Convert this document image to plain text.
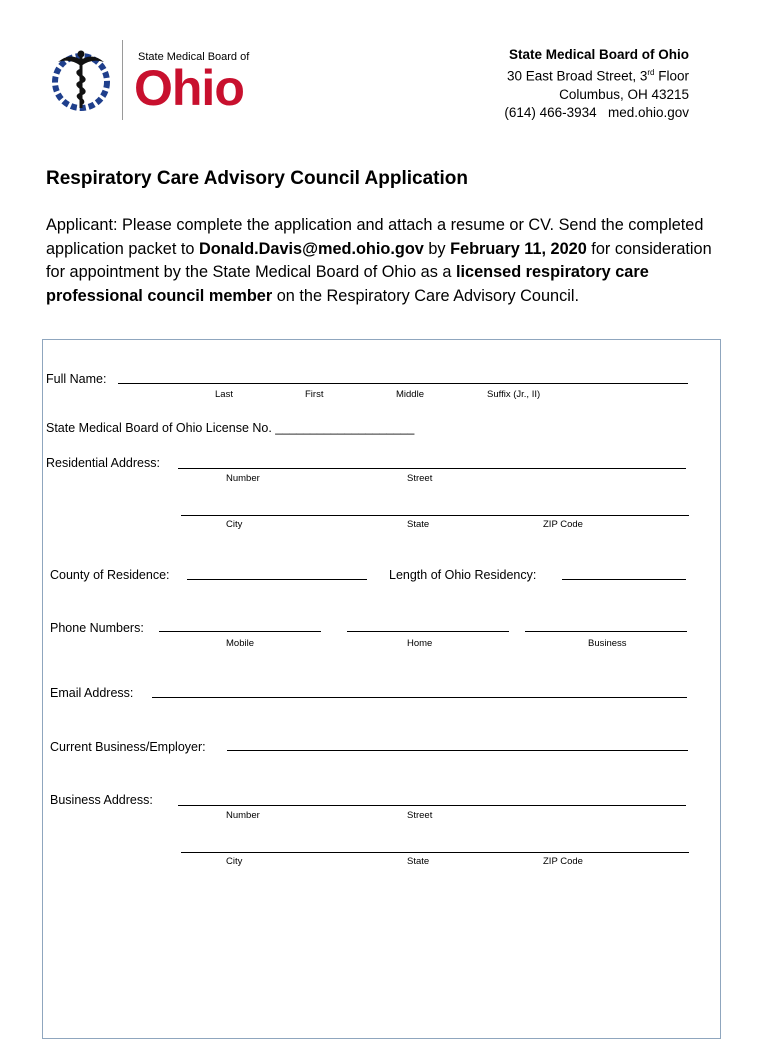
State Medical Board of
Ohio
State Medical Board of Ohio
30 East Broad Street, 3rd Floor
Columbus, OH 43215
(614) 466-3934   med.ohio.gov
Respiratory Care Advisory Council Application
Applicant: Please complete the application and attach a resume or CV. Send the completed application packet to Donald.Davis@med.ohio.gov by February 11, 2020 for consideration for appointment by the State Medical Board of Ohio as a licensed respiratory care professional council member on the Respiratory Care Advisory Council.
Full Name:
Last	First	Middle	Suffix (Jr., II)
State Medical Board of Ohio License No. ____________________
Residential Address:
Number	Street
City	State	ZIP Code
County of Residence:	Length of Ohio Residency:
Phone Numbers:
Mobile	Home	Business
Email Address:
Current Business/Employer:
Business Address:
Number	Street
City	State	ZIP Code
